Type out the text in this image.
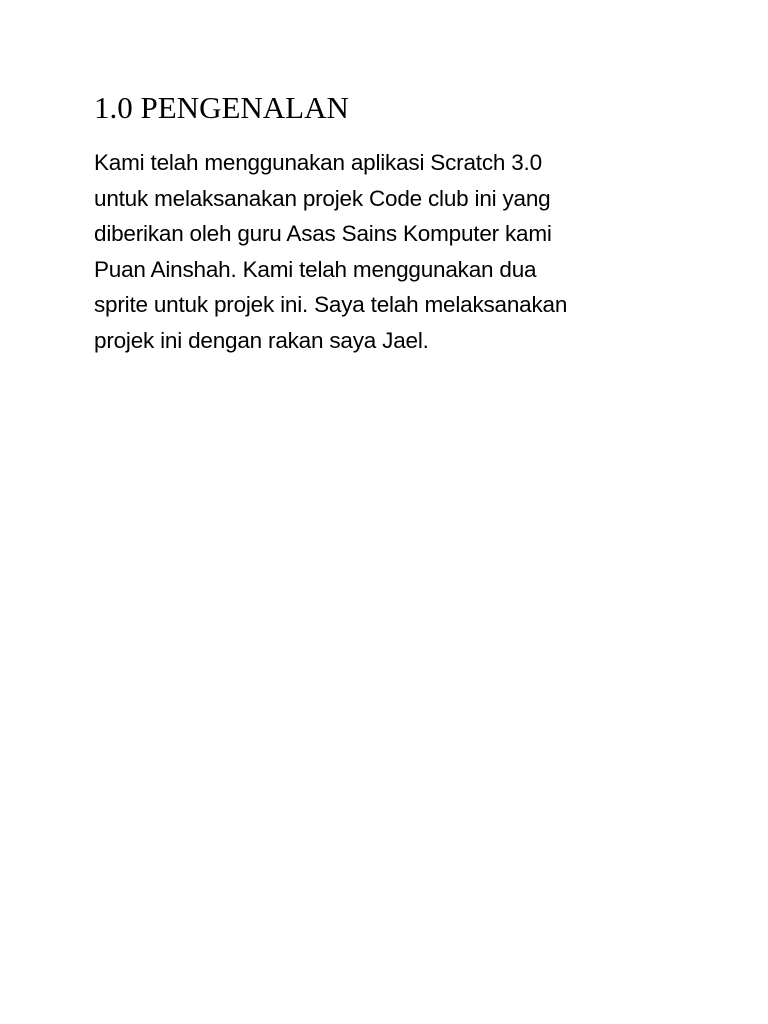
1.0 PENGENALAN
Kami telah menggunakan aplikasi Scratch 3.0
untuk melaksanakan projek Code club ini yang
diberikan oleh guru Asas Sains Komputer kami
Puan Ainshah. Kami telah menggunakan dua
sprite untuk projek ini. Saya telah melaksanakan
projek ini dengan rakan saya Jael.
